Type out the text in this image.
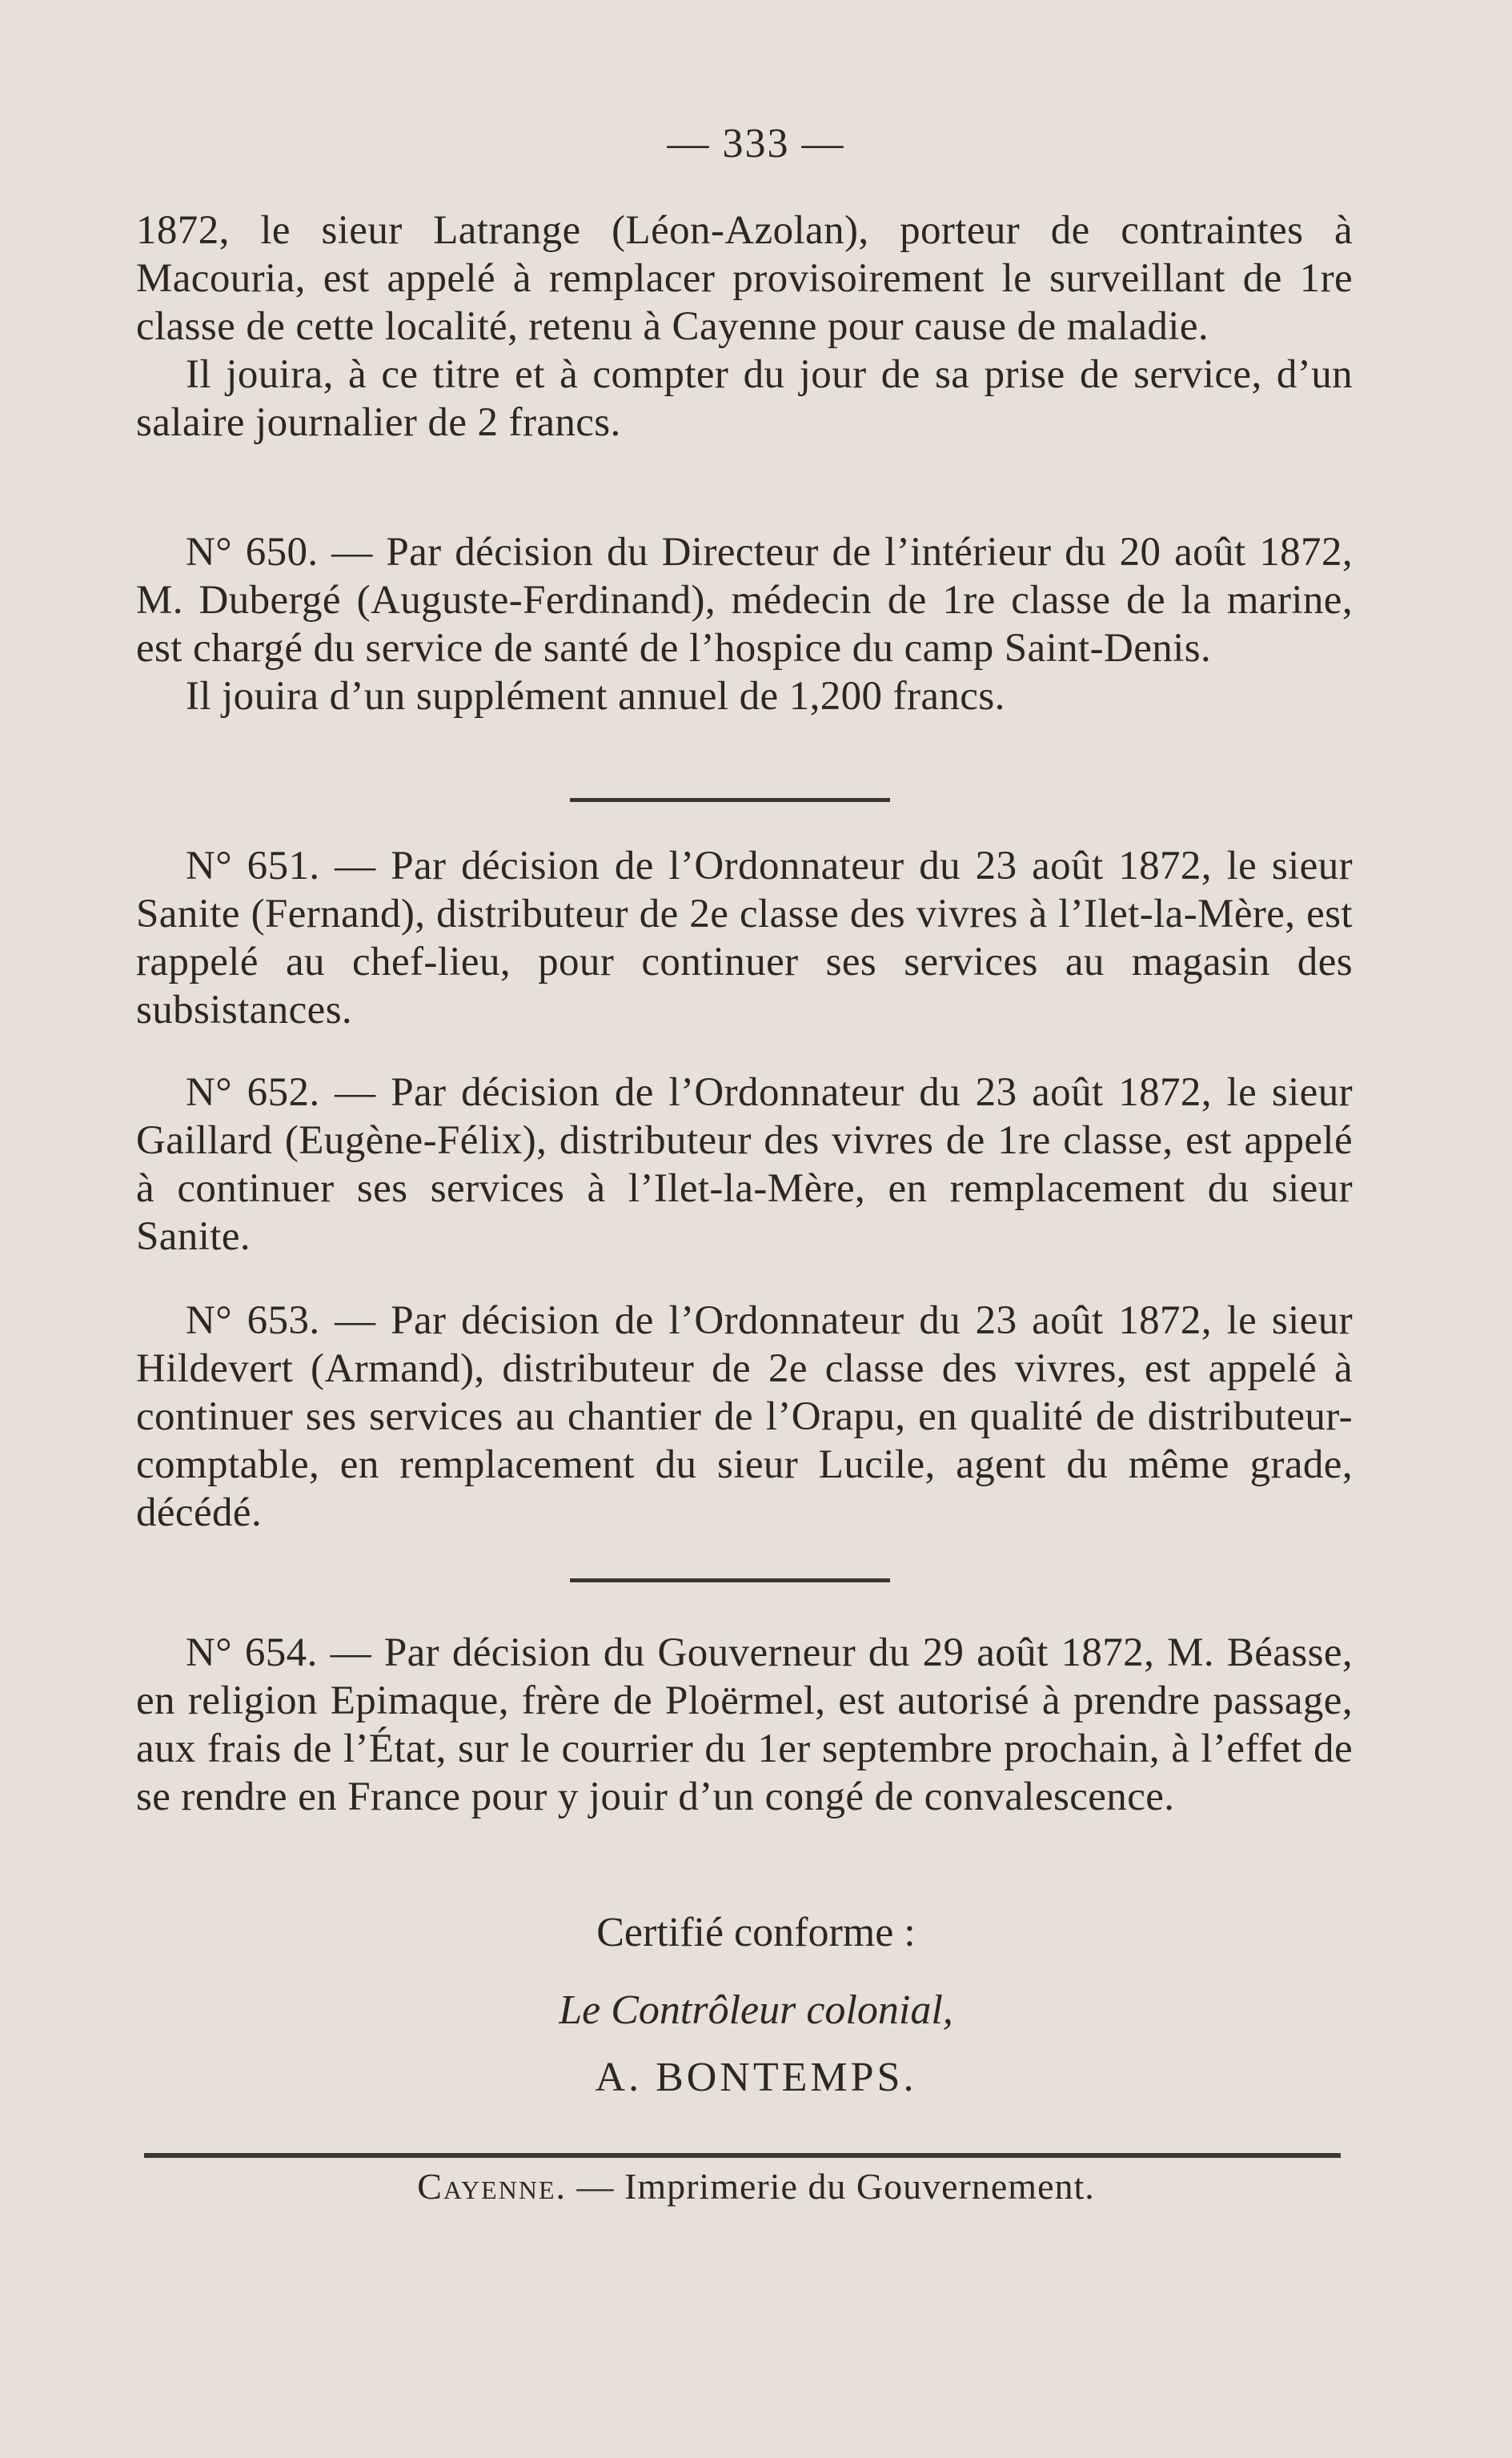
— 333 —

1872, le sieur Latrange (Léon-Azolan), porteur de contraintes à Macouria, est appelé à remplacer provisoirement le surveillant de 1re classe de cette localité, retenu à Cayenne pour cause de maladie.

Il jouira, à ce titre et à compter du jour de sa prise de service, d’un salaire journalier de 2 francs.

N° 650. — Par décision du Directeur de l’intérieur du 20 août 1872, M. Dubergé (Auguste-Ferdinand), médecin de 1re classe de la marine, est chargé du service de santé de l’hospice du camp Saint-Denis.

Il jouira d’un supplément annuel de 1,200 francs.

N° 651. — Par décision de l’Ordonnateur du 23 août 1872, le sieur Sanite (Fernand), distributeur de 2e classe des vivres à l’Ilet-la-Mère, est rappelé au chef-lieu, pour continuer ses services au magasin des subsistances.

N° 652. — Par décision de l’Ordonnateur du 23 août 1872, le sieur Gaillard (Eugène-Félix), distributeur des vivres de 1re classe, est appelé à continuer ses services à l’Ilet-la-Mère, en remplacement du sieur Sanite.

N° 653. — Par décision de l’Ordonnateur du 23 août 1872, le sieur Hildevert (Armand), distributeur de 2e classe des vivres, est appelé à continuer ses services au chantier de l’Orapu, en qualité de distributeur-comptable, en remplacement du sieur Lucile, agent du même grade, décédé.

N° 654. — Par décision du Gouverneur du 29 août 1872, M. Béasse, en religion Epimaque, frère de Ploërmel, est autorisé à prendre passage, aux frais de l’État, sur le courrier du 1er septembre prochain, à l’effet de se rendre en France pour y jouir d’un congé de convalescence.

Certifié conforme :
Le Contrôleur colonial,
A. BONTEMPS.
Cayenne. — Imprimerie du Gouvernement.
